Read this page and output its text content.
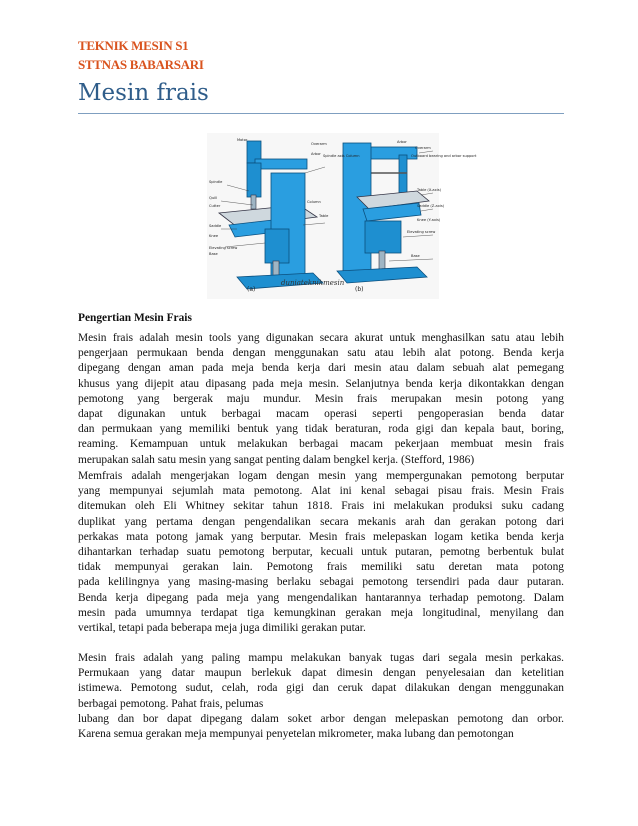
TEKNIK MESIN S1
STTNAS BABARSARI
Mesin frais
(a)	(b)
duniateknikmesin
Motor
Overarm
Spindle
Quill
Cutter
Table
Saddle
Knee
Base
Elevating screw
Column
Arbor
Arbor
Overarm
Spindle axis Column	Outboard bearing and arbor support
Table (X-axis)
Saddle (Z-axis)
Knee (Y-axis)
Elevating screw
Base
Pengertian Mesin Frais
Mesin frais adalah mesin tools yang digunakan secara akurat untuk menghasilkan satu atau lebih
pengerjaan permukaan benda dengan menggunakan satu atau lebih alat potong. Benda kerja
dipegang dengan aman pada meja benda kerja dari mesin atau dalam sebuah alat pemegang
khusus yang dijepit atau dipasang pada meja mesin. Selanjutnya benda kerja dikontakkan dengan
pemotong yang bergerak maju mundur. Mesin frais merupakan mesin potong yang
dapat digunakan untuk berbagai macam operasi seperti pengoperasian benda datar
dan permukaan yang memiliki bentuk yang tidak beraturan, roda gigi dan kepala baut, boring,
reaming. Kemampuan untuk melakukan berbagai macam pekerjaan membuat mesin frais
merupakan salah satu mesin yang sangat penting dalam bengkel kerja. (Stefford, 1986)
Memfrais adalah mengerjakan logam dengan mesin yang mempergunakan pemotong berputar
yang mempunyai sejumlah mata pemotong. Alat ini kenal sebagai pisau frais. Mesin Frais
ditemukan oleh Eli Whitney sekitar tahun 1818. Frais ini melakukan produksi suku cadang
duplikat yang pertama dengan pengendalikan secara mekanis arah dan gerakan potong dari
perkakas mata potong jamak yang berputar. Mesin frais melepaskan logam ketika benda kerja
dihantarkan terhadap suatu pemotong berputar, kecuali untuk putaran, pemotng berbentuk bulat
tidak mempunyai gerakan lain. Pemotong frais memiliki satu deretan mata potong
pada kelilingnya yang masing-masing berlaku sebagai pemotong tersendiri pada daur putaran.
Benda kerja dipegang pada meja yang mengendalikan hantarannya terhadap pemotong. Dalam
mesin pada umumnya terdapat tiga kemungkinan gerakan meja longitudinal, menyilang dan
vertikal, tetapi pada beberapa meja juga dimiliki gerakan putar.
Mesin frais adalah yang paling mampu melakukan banyak tugas dari segala mesin perkakas.
Permukaan yang datar maupun berlekuk dapat dimesin dengan penyelesaian dan ketelitian
istimewa. Pemotong sudut, celah, roda gigi dan ceruk dapat dilakukan dengan menggunakan
berbagai pemotong. Pahat frais, pelumas
lubang dan bor dapat dipegang dalam soket arbor dengan melepaskan pemotong dan orbor.
Karena semua gerakan meja mempunyai penyetelan mikrometer, maka lubang dan pemotongan
